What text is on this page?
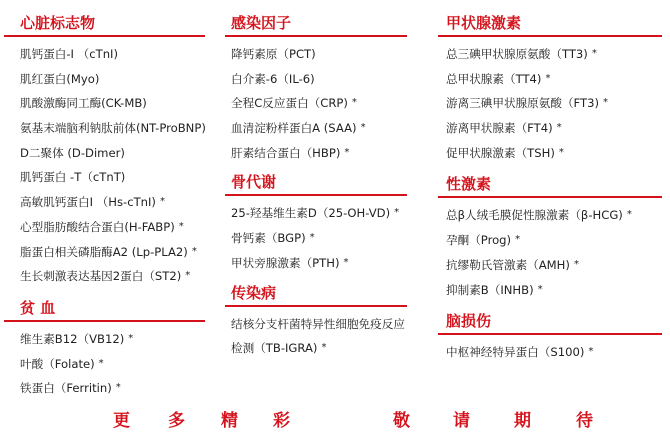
心脏标志物
肌钙蛋白-I （cTnI)
肌红蛋白(Myo)
肌酸激酶同工酶(CK-MB)
氨基末端脑利钠肽前体(NT-ProBNP)
D二聚体 (D-Dimer)
肌钙蛋白 -T（cTnT)
高敏肌钙蛋白I （Hs-cTnI) *
心型脂肪酸结合蛋白(H-FABP) *
脂蛋白相关磷脂酶A2 (Lp-PLA2) *
生长刺激表达基因2蛋白（ST2) *
贫 血
维生素B12（VB12) *
叶酸（Folate) *
铁蛋白（Ferritin) *
感染因子
降钙素原（PCT)
白介素-6（IL-6)
全程C反应蛋白（CRP) *
血清淀粉样蛋白A (SAA) *
肝素结合蛋白（HBP) *
骨代谢
25-羟基维生素D（25-OH-VD) *
骨钙素（BGP) *
甲状旁腺激素（PTH) *
传染病
结核分支杆菌特异性细胞免疫反应
检测（TB-IGRA) *
甲状腺激素
总三碘甲状腺原氨酸（TT3) *
总甲状腺素（TT4) *
游离三碘甲状腺原氨酸（FT3) *
游离甲状腺素（FT4) *
促甲状腺激素（TSH) *
性激素
总β人绒毛膜促性腺激素（β-HCG) *
孕酮（Prog) *
抗缪勒氏管激素（AMH) *
抑制素B（INHB) *
脑损伤
中枢神经特异蛋白（S100) *
更 多 精 彩	敬	请	期	待
